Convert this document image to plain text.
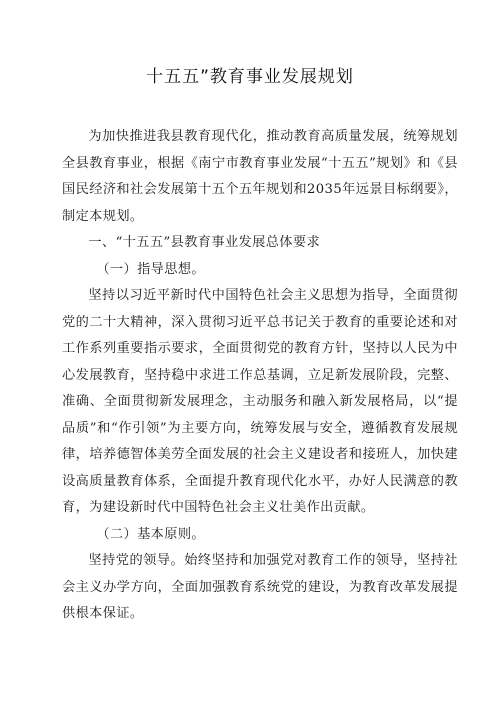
十五五”教育事业发展规划

为加快推进我县教育现代化，推动教育高质量发展，统筹规划全县教育事业，根据《南宁市教育事业发展“十五五”规划》和《县国民经济和社会发展第十五个五年规划和2035年远景目标纲要》，制定本规划。

一、“十五五”县教育事业发展总体要求

（一）指导思想。

坚持以习近平新时代中国特色社会主义思想为指导，全面贯彻党的二十大精神，深入贯彻习近平总书记关于教育的重要论述和对工作系列重要指示要求，全面贯彻党的教育方针，坚持以人民为中心发展教育，坚持稳中求进工作总基调，立足新发展阶段，完整、准确、全面贯彻新发展理念，主动服务和融入新发展格局，以“提品质”和“作引领”为主要方向，统筹发展与安全，遵循教育发展规律，培养德智体美劳全面发展的社会主义建设者和接班人，加快建设高质量教育体系，全面提升教育现代化水平，办好人民满意的教育，为建设新时代中国特色社会主义壮美作出贡献。

（二）基本原则。

坚持党的领导。始终坚持和加强党对教育工作的领导，坚持社会主义办学方向，全面加强教育系统党的建设，为教育改革发展提供根本保证。
